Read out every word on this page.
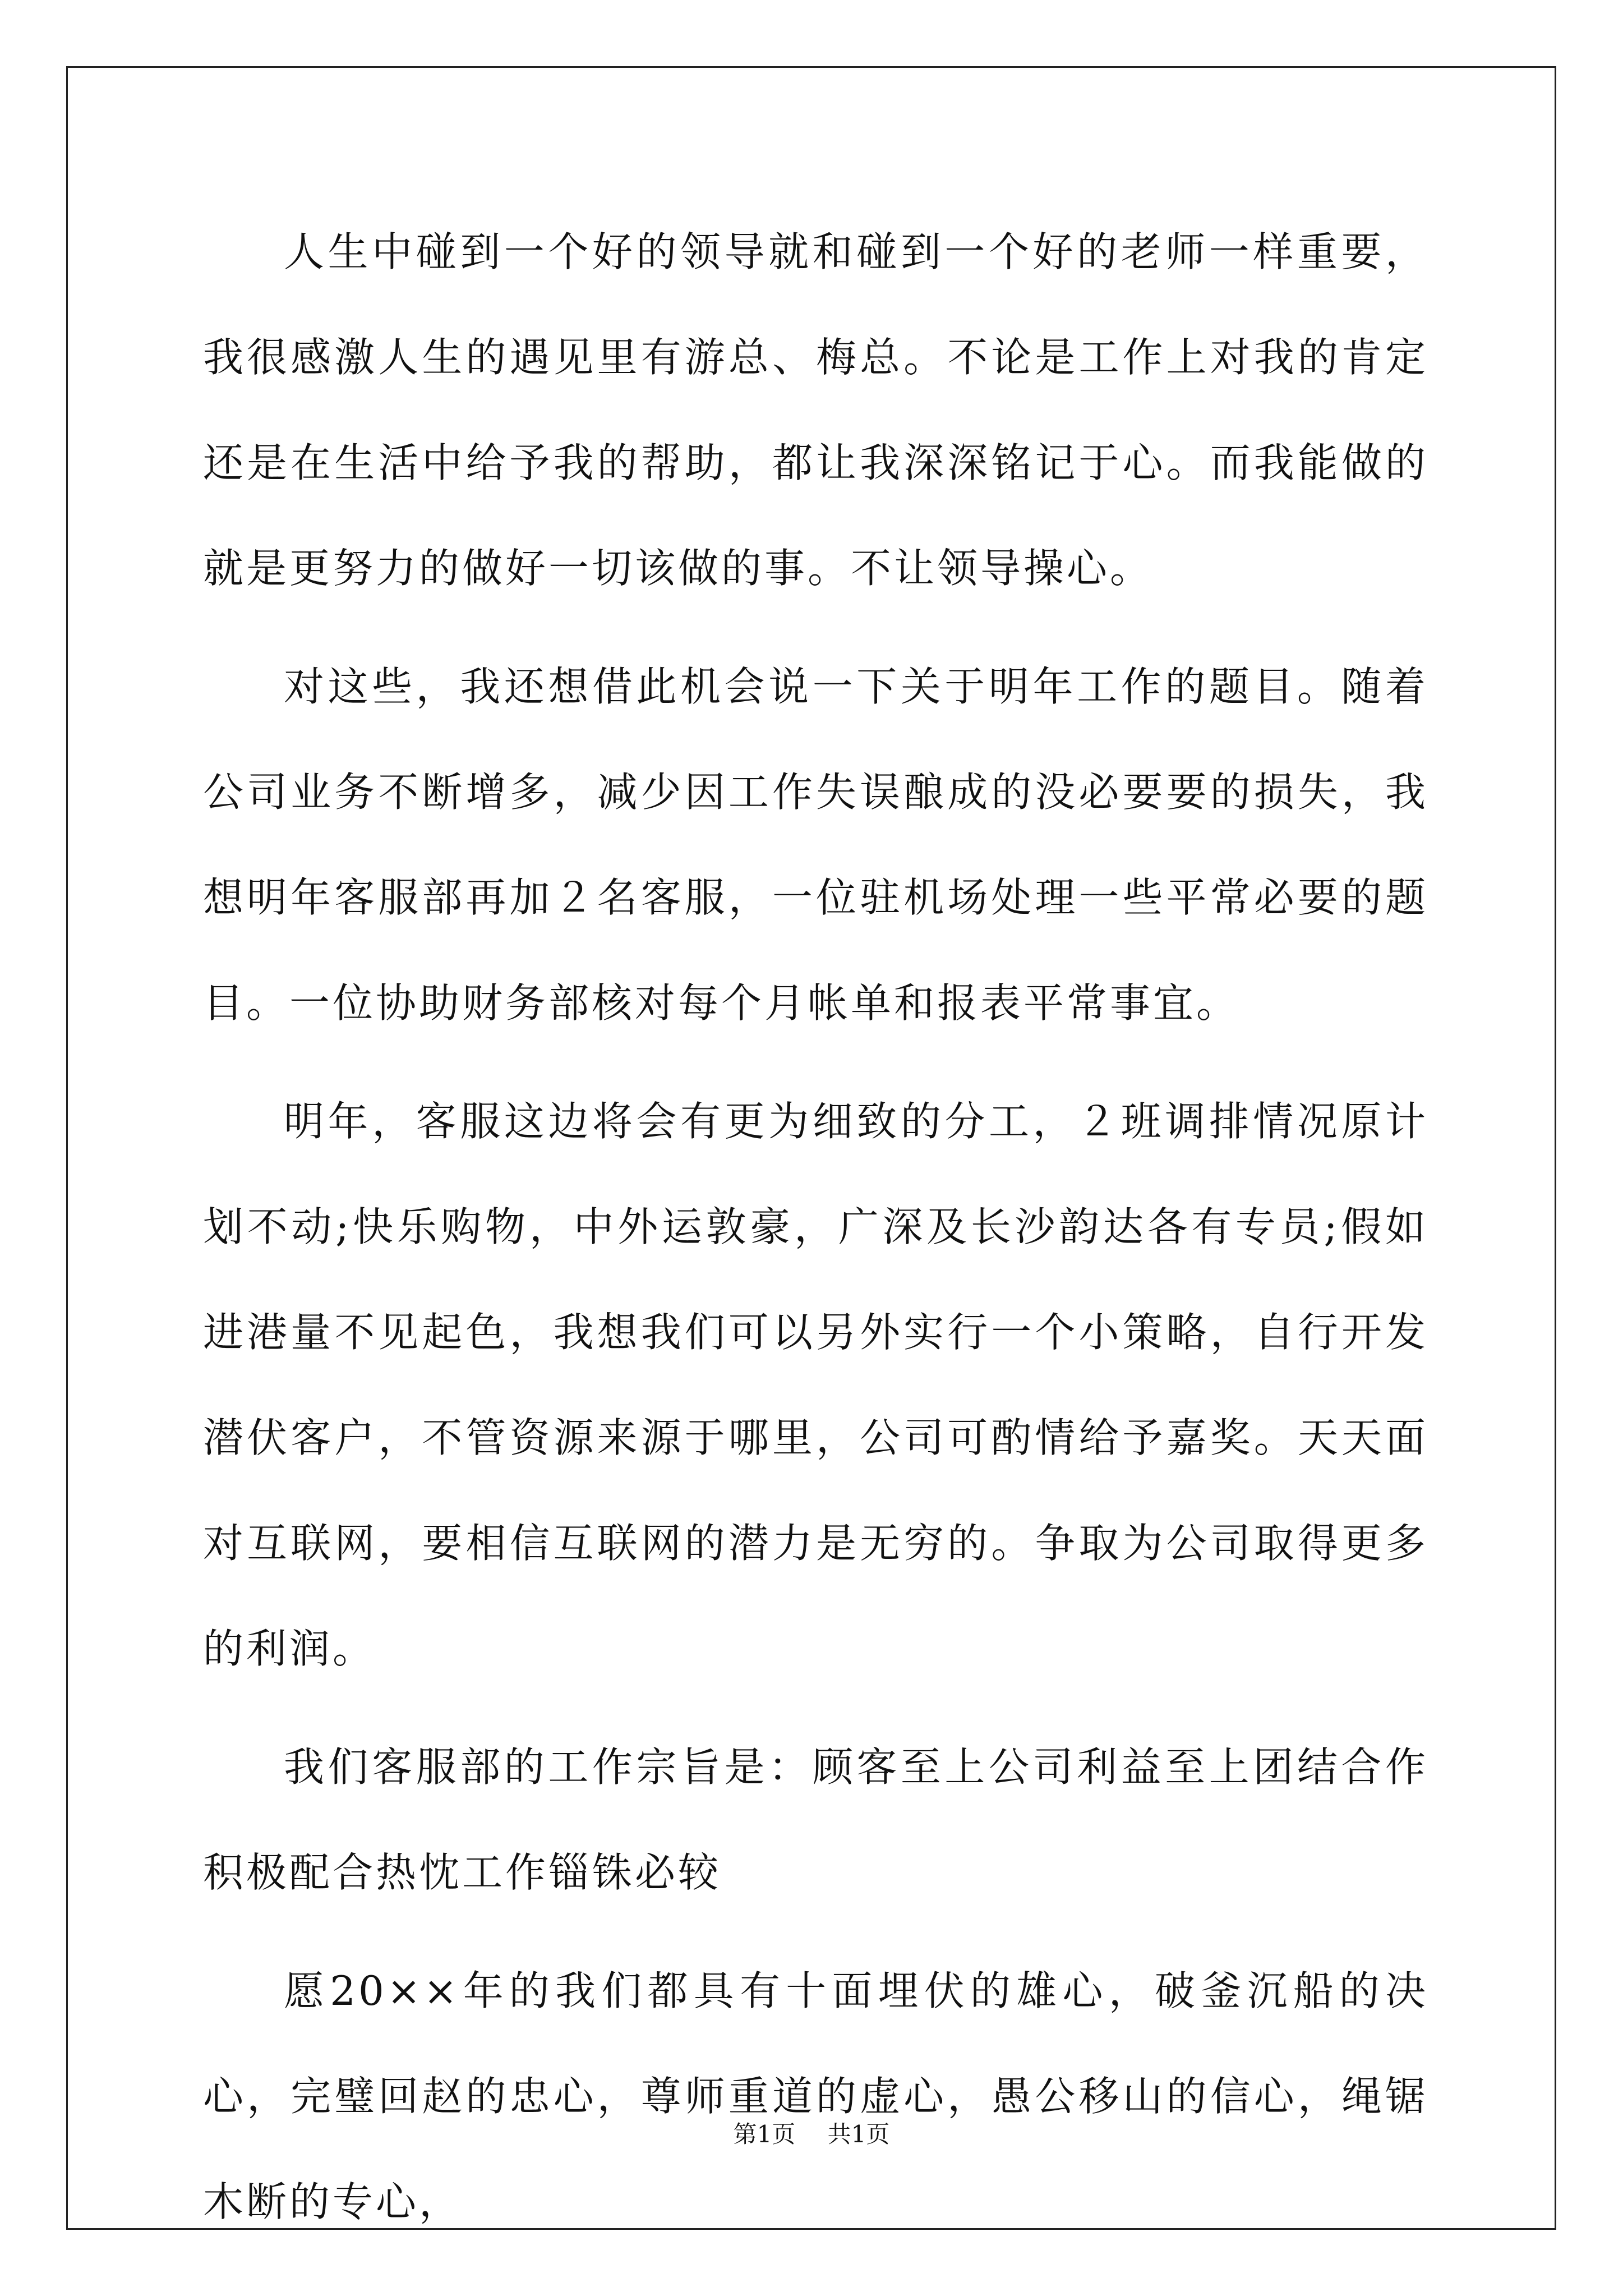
人生中碰到一个好的领导就和碰到一个好的老师一样重要，我很感激人生的遇见里有游总、梅总。不论是工作上对我的肯定还是在生活中给予我的帮助，都让我深深铭记于心。而我能做的就是更努力的做好一切该做的事。不让领导操心。

对这些，我还想借此机会说一下关于明年工作的题目。随着公司业务不断增多，减少因工作失误酿成的没必要要的损失，我想明年客服部再加２名客服，一位驻机场处理一些平常必要的题目。一位协助财务部核对每个月帐单和报表平常事宜。

明年，客服这边将会有更为细致的分工，２班调排情况原计划不动;快乐购物，中外运敦豪，广深及长沙韵达各有专员;假如进港量不见起色，我想我们可以另外实行一个小策略，自行开发潜伏客户，不管资源来源于哪里，公司可酌情给予嘉奖。天天面对互联网，要相信互联网的潜力是无穷的。争取为公司取得更多的利润。

我们客服部的工作宗旨是：顾客至上公司利益至上团结合作积极配合热忱工作锱铢必较

愿20××年的我们都具有十面埋伏的雄心，破釜沉船的决心，完璧回赵的忠心，尊师重道的虚心，愚公移山的信心，绳锯木断的专心，

第1页 共1页
